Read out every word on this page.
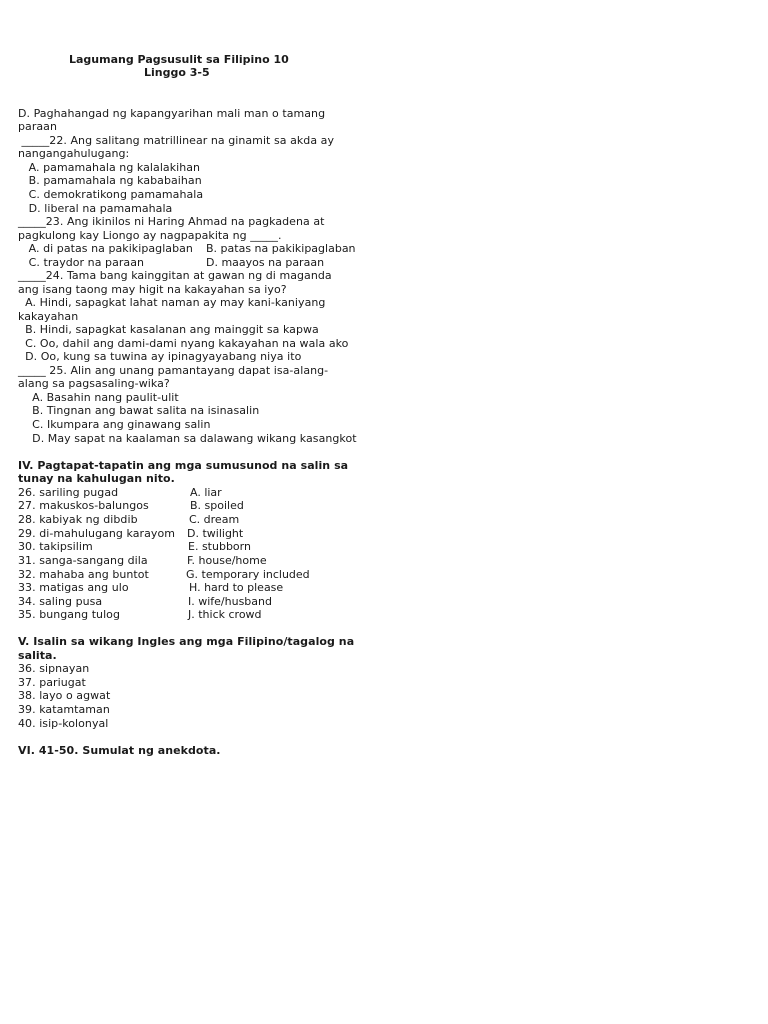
Lagumang Pagsusulit sa Filipino 10
Linggo 3-5
D. Paghahangad ng kapangyarihan mali man o tamang
paraan
_____22. Ang salitang matrillinear na ginamit sa akda ay
nangangahulugang:
A. pamamahala ng kalalakihan
B. pamamahala ng kababaihan
C. demokratikong pamamahala
D. liberal na pamamahala
_____23. Ang ikinilos ni Haring Ahmad na pagkadena at
pagkulong kay Liongo ay nagpapakita ng _____.
A. di patas na pakikipaglaban B. patas na pakikipaglaban
C. traydor na paraan	D. maayos na paraan
_____24. Tama bang kainggitan at gawan ng di maganda
ang isang taong may higit na kakayahan sa iyo?
A. Hindi, sapagkat lahat naman ay may kani-kaniyang
kakayahan
B. Hindi, sapagkat kasalanan ang mainggit sa kapwa
C. Oo, dahil ang dami-dami nyang kakayahan na wala ako
D. Oo, kung sa tuwina ay ipinagyayabang niya ito
_____ 25. Alin ang unang pamantayang dapat isa-alang-
alang sa pagsasaling-wika?
A. Basahin nang paulit-ulit
B. Tingnan ang bawat salita na isinasalin
C. Ikumpara ang ginawang salin
D. May sapat na kaalaman sa dalawang wikang kasangkot
IV. Pagtapat-tapatin ang mga sumusunod na salin sa
tunay na kahulugan nito.
26. sariling pugad	A. liar
27. makuskos-balungos	B. spoiled
28. kabiyak ng dibdib	C. dream
29. di-mahulugang karayom D. twilight
30. takipsilim	E. stubborn
31. sanga-sangang dila	F. house/home
32. mahaba ang buntot	G. temporary included
33. matigas ang ulo	H. hard to please
34. saling pusa	I. wife/husband
35. bungang tulog	J. thick crowd
V. Isalin sa wikang Ingles ang mga Filipino/tagalog na
salita.
36. sipnayan
37. pariugat
38. layo o agwat
39. katamtaman
40. isip-kolonyal
VI. 41-50. Sumulat ng anekdota.
